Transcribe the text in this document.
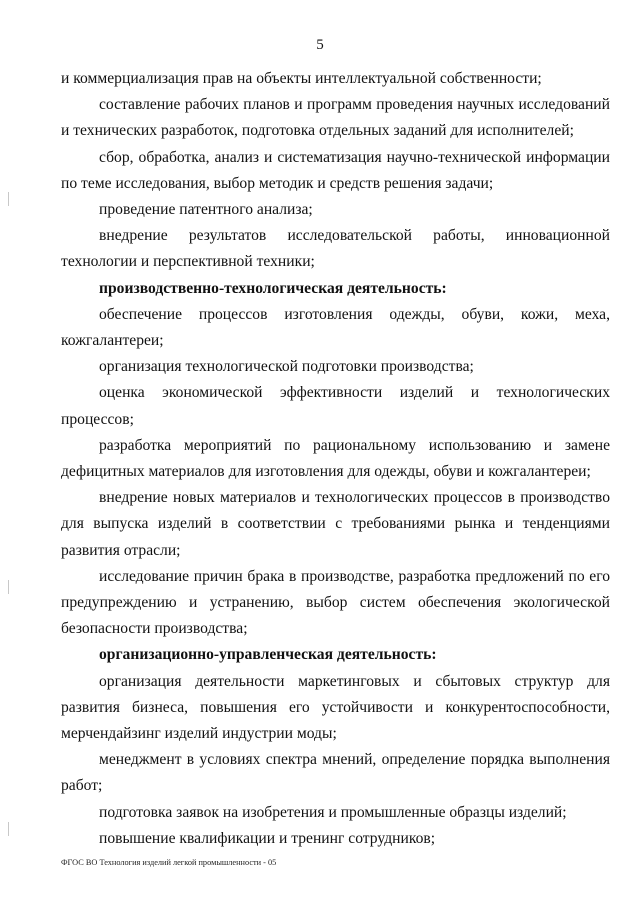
5

и коммерциализация прав на объекты интеллектуальной собственности;

составление рабочих планов и программ проведения научных исследований и технических разработок, подготовка отдельных заданий для исполнителей;

сбор, обработка, анализ и систематизация научно-технической информации по теме исследования, выбор методик и средств решения задачи;

проведение патентного анализа;

внедрение результатов исследовательской работы, инновационной технологии и перспективной техники;

производственно-технологическая деятельность:

обеспечение процессов изготовления одежды, обуви, кожи, меха, кожгалантереи;

организация технологической подготовки производства;

оценка экономической эффективности изделий и технологических процессов;

разработка мероприятий по рациональному использованию и замене дефицитных материалов для изготовления для одежды, обуви и кожгалантереи;

внедрение новых материалов и технологических процессов в производство для выпуска изделий в соответствии с требованиями рынка и тенденциями развития отрасли;

исследование причин брака в производстве, разработка предложений по его предупреждению и устранению, выбор систем обеспечения экологической безопасности производства;

организационно-управленческая деятельность:

организация деятельности маркетинговых и сбытовых структур для развития бизнеса, повышения его устойчивости и конкурентоспособности, мерчендайзинг изделий индустрии моды;

менеджмент в условиях спектра мнений, определение порядка выполнения работ;

подготовка заявок на изобретения и промышленные образцы изделий;

повышение квалификации и тренинг сотрудников;

ФГОС ВО Технология изделий легкой промышленности - 05
